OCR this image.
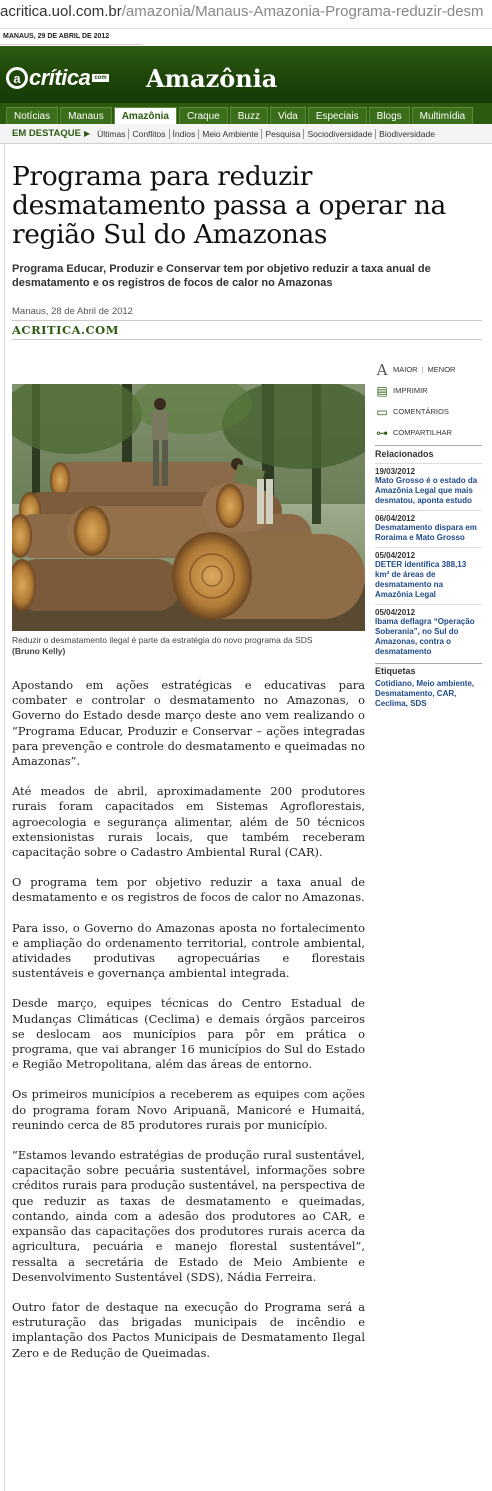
acritica.uol.com.br/amazonia/Manaus-Amazonia-Programa-reduzir-desm
MANAUS, 29 DE ABRIL DE 2012
a crítica com Amazônia
Notícias	Manaus	Amazônia	Craque	Buzz	Vida	Especiais	Blogs	Multimídia
EM DESTAQUE ▶ Últimas Conflitos Índios Meio Ambiente Pesquisa Sociodiversidade Biodiversidade
Programa para reduzir desmatamento passa a operar na região Sul do Amazonas

Programa Educar, Produzir e Conservar tem por objetivo reduzir a taxa anual de desmatamento e os registros de focos de calor no Amazonas

Manaus, 28 de Abril de 2012
ACRITICA.COM
Reduzir o desmatamento ilegal é parte da estratégia do novo programa da SDS
(Bruno Kelly)

Apostando em ações estratégicas e educativas para combater e controlar o desmatamento no Amazonas, o Governo do Estado desde março deste ano vem realizando o “Programa Educar, Produzir e Conservar – ações integradas para prevenção e controle do desmatamento e queimadas no Amazonas”.

Até meados de abril, aproximadamente 200 produtores rurais foram capacitados em Sistemas Agroflorestais, agroecologia e segurança alimentar, além de 50 técnicos extensionistas rurais locais, que também receberam capacitação sobre o Cadastro Ambiental Rural (CAR).

O programa tem por objetivo reduzir a taxa anual de desmatamento e os registros de focos de calor no Amazonas.

Para isso, o Governo do Amazonas aposta no fortalecimento e ampliação do ordenamento territorial, controle ambiental, atividades produtivas agropecuárias e florestais sustentáveis e governança ambiental integrada.

Desde março, equipes técnicas do Centro Estadual de Mudanças Climáticas (Ceclima) e demais órgãos parceiros se deslocam aos municípios para pôr em prática o programa, que vai abranger 16 municípios do Sul do Estado e Região Metropolitana, além das áreas de entorno.

Os primeiros municípios a receberem as equipes com ações do programa foram Novo Aripuanã, Manicoré e Humaitá, reunindo cerca de 85 produtores rurais por município.

“Estamos levando estratégias de produção rural sustentável, capacitação sobre pecuária sustentável, informações sobre créditos rurais para produção sustentável, na perspectiva de que reduzir as taxas de desmatamento e queimadas, contando, ainda com a adesão dos produtores ao CAR, e expansão das capacitações dos produtores rurais acerca da agricultura, pecuária e manejo florestal sustentável”, ressalta a secretária de Estado de Meio Ambiente e Desenvolvimento Sustentável (SDS), Nádia Ferreira.

Outro fator de destaque na execução do Programa será a estruturação das brigadas municipais de incêndio e implantação dos Pactos Municipais de Desmatamento Ilegal Zero e de Redução de Queimadas.

A MAIOR | MENOR
▤ IMPRIMIR
▭ COMENTÁRIOS
⊶ COMPARTILHAR
Relacionados
19/03/2012
Mato Grosso é o estado da Amazônia Legal que mais desmatou, aponta estudo
06/04/2012
Desmatamento dispara em Roraima e Mato Grosso
05/04/2012
DETER identifica 388,13 km² de áreas de desmatamento na Amazônia Legal
05/04/2012
Ibama deflagra “Operação Soberania”, no Sul do Amazonas, contra o desmatamento
Etiquetas
Cotidiano, Meio ambiente, Desmatamento, CAR, Ceclima, SDS
